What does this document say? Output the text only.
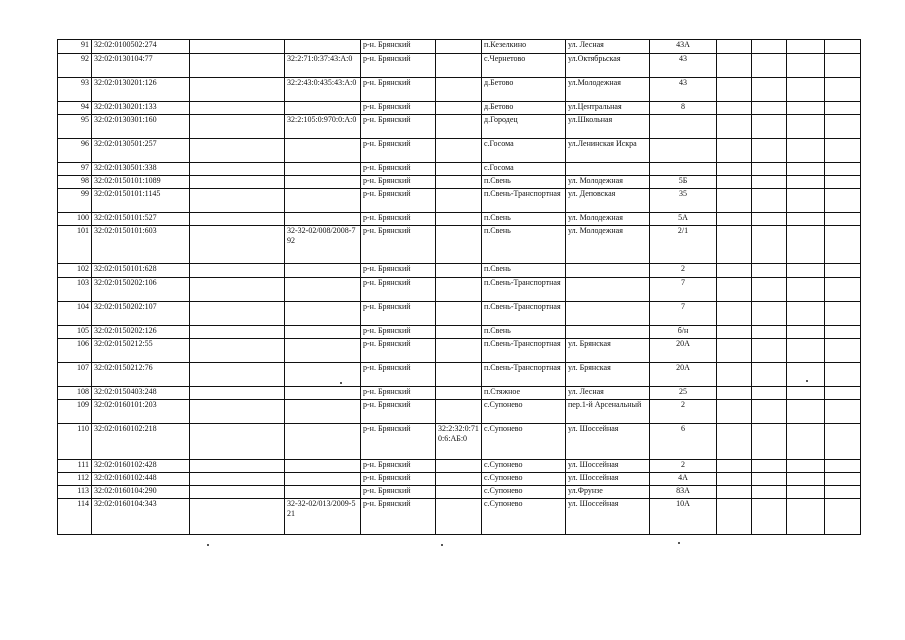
91	32:02:0100502:274			р-н. Брянский		п.Кезелкино	ул. Лесная	43А				
92	32:02:0130104:77		32:2:71:0:37:43:А:0	р-н. Брянский		с.Чернетово	ул.Октябрьская	43				
93	32:02:0130201:126		32:2:43:0:435:43:А:0	р-н. Брянский		д.Бетово	ул.Молодежная	43				
94	32:02:0130201:133			р-н. Брянский		д.Бетово	ул.Центральная	8				
95	32:02:0130301:160		32:2:105:0:970:0:А:0	р-н. Брянский		д.Городец	ул.Школьная					
96	32:02:0130501:257			р-н. Брянский		с.Госома	ул.Ленинская Искра					
97	32:02:0130501:338			р-н. Брянский		с.Госома						
98	32:02:0150101:1089			р-н. Брянский		п.Свень	ул. Молодежная	5Б				
99	32:02:0150101:1145			р-н. Брянский		п.Свень-Транспортная	ул. Деповская	35				
100	32:02:0150101:527			р-н. Брянский		п.Свень	ул. Молодежная	5А				
101	32:02:0150101:603		32-32-02/008/2008-792	р-н. Брянский		п.Свень	ул. Молодежная	2/1				
102	32:02:0150101:628			р-н. Брянский		п.Свень		2				
103	32:02:0150202:106			р-н. Брянский		п.Свень-Транспортная		7				
104	32:02:0150202:107			р-н. Брянский		п.Свень-Транспортная		7				
105	32:02:0150202:126			р-н. Брянский		п.Свень		б/н				
106	32:02:0150212:55			р-н. Брянский		п.Свень-Транспортная	ул. Брянская	20А				
107	32:02:0150212:76			р-н. Брянский		п.Свень-Транспортная	ул. Брянская	20А				
108	32:02:0150403:248			р-н. Брянский		п.Стяжное	ул. Лесная	25				
109	32:02:0160101:203			р-н. Брянский		с.Супонево	пер.1-й Арсенальный	2				
110	32:02:0160102:218			р-н. Брянский	32:2:32:0:710:6:АБ:0	с.Супонево	ул. Шоссейная	6				
111	32:02:0160102:428			р-н. Брянский		с.Супонево	ул. Шоссейная	2				
112	32:02:0160102:448			р-н. Брянский		с.Супонево	ул. Шоссейная	4А				
113	32:02:0160104:290			р-н. Брянский		с.Супонево	ул.Фрунзе	83А				
114	32:02:0160104:343		32-32-02/013/2009-521	р-н. Брянский		с.Супонево	ул. Шоссейная	10А				
